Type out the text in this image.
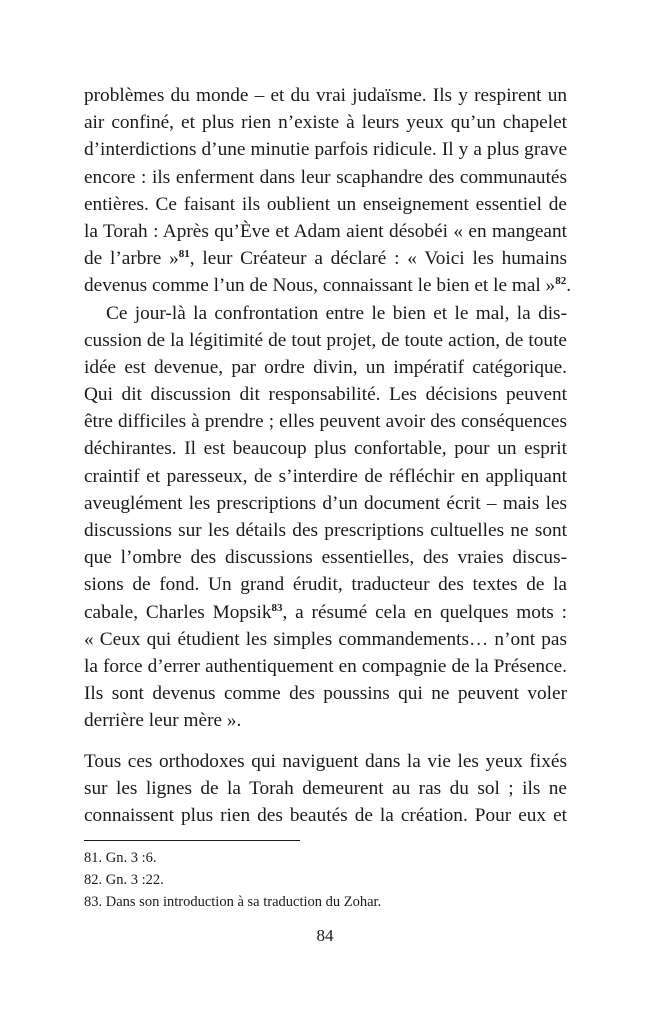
problèmes du monde – et du vrai judaïsme. Ils y respirent un
air confiné, et plus rien n’existe à leurs yeux qu’un chapelet
d’interdictions d’une minutie parfois ridicule. Il y a plus grave
encore : ils enferment dans leur scaphandre des communautés
entières. Ce faisant ils oublient un enseignement essentiel de
la Torah : Après qu’Ève et Adam aient désobéi « en mangeant
de l’arbre »$^{81}$, leur Créateur a déclaré : « Voici les humains
devenus comme l’un de Nous, connaissant le bien et le mal »$^{82}$.
Ce jour-là la confrontation entre le bien et le mal, la dis-
cussion de la légitimité de tout projet, de toute action, de toute
idée est devenue, par ordre divin, un impératif catégorique.
Qui dit discussion dit responsabilité. Les décisions peuvent
être difficiles à prendre ; elles peuvent avoir des conséquences
déchirantes. Il est beaucoup plus confortable, pour un esprit
craintif et paresseux, de s’interdire de réfléchir en appliquant
aveuglément les prescriptions d’un document écrit – mais les
discussions sur les détails des prescriptions cultuelles ne sont
que l’ombre des discussions essentielles, des vraies discus-
sions de fond. Un grand érudit, traducteur des textes de la
cabale, Charles Mopsik$^{83}$, a résumé cela en quelques mots :
« Ceux qui étudient les simples commandements… n’ont pas
la force d’errer authentiquement en compagnie de la Présence.
Ils sont devenus comme des poussins qui ne peuvent voler
derrière leur mère ».
Tous ces orthodoxes qui naviguent dans la vie les yeux fixés
sur les lignes de la Torah demeurent au ras du sol ; ils ne
connaissent plus rien des beautés de la création. Pour eux et
81. Gn. 3 :6.
82. Gn. 3 :22.
83. Dans son introduction à sa traduction du Zohar.
84
